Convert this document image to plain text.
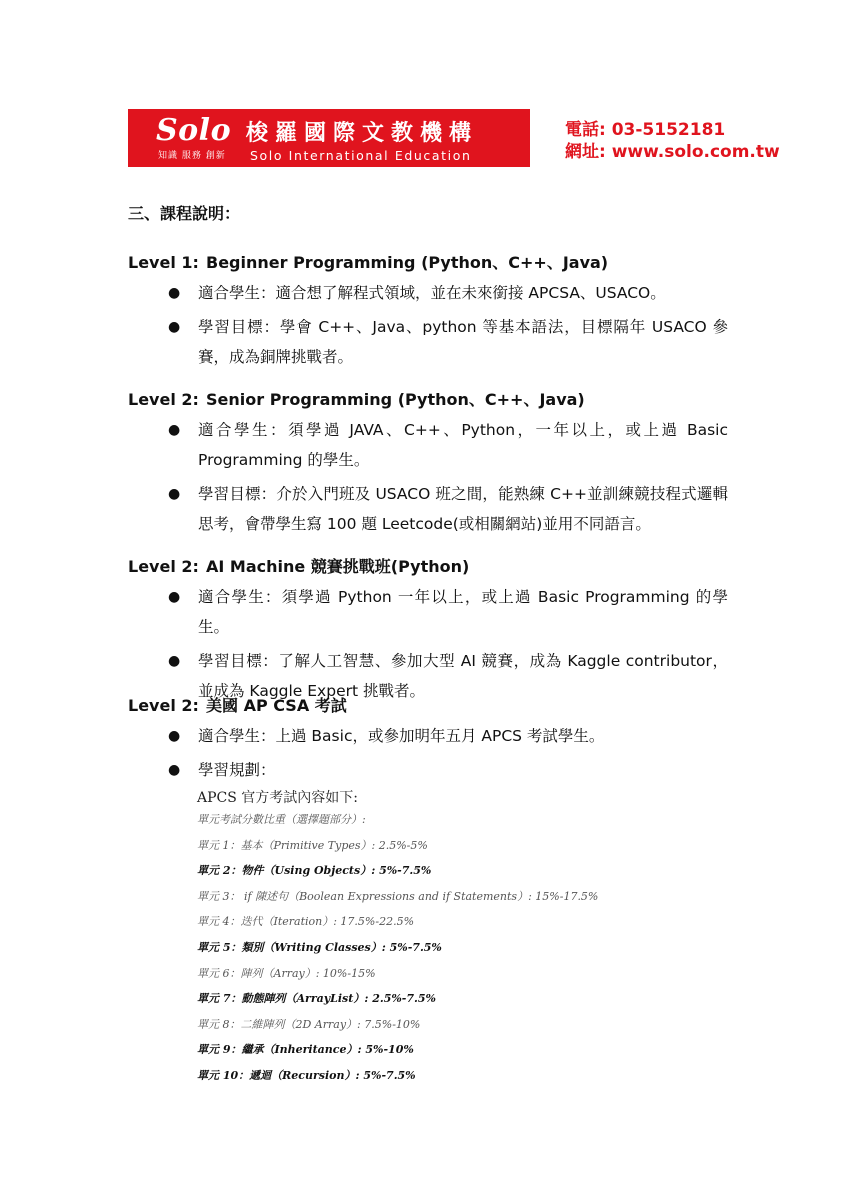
Solo
知識 服務 創新
梭羅國際文教機構
Solo International Education
電話: 03-5152181
網址: www.solo.com.tw
三、課程說明：
Level 1: Beginner Programming (Python、C++、Java)
● 適合學生：適合想了解程式領域，並在未來銜接 APCSA、USACO。
● 學習目標：學會 C++、Java、python 等基本語法，目標隔年 USACO 參賽，成為銅牌挑戰者。
Level 2: Senior Programming (Python、C++、Java)
● 適合學生：須學過 JAVA、C++、Python，一年以上，或上過 Basic Programming 的學生。
● 學習目標：介於入門班及 USACO 班之間，能熟練 C++並訓練競技程式邏輯思考，會帶學生寫 100 題 Leetcode(或相關網站)並用不同語言。
Level 2: AI Machine 競賽挑戰班(Python)
● 適合學生：須學過 Python 一年以上，或上過 Basic Programming 的學生。
● 學習目標：了解人工智慧、參加大型 AI 競賽，成為 Kaggle contributor，並成為 Kaggle Expert 挑戰者。
Level 2: 美國 AP CSA 考試
● 適合學生：上過 Basic，或參加明年五月 APCS 考試學生。
● 學習規劃：
APCS 官方考試內容如下:
單元考試分數比重（選擇題部分）:
單元 1：基本（Primitive Types）: 2.5%-5%
單元 2：物件（Using Objects）: 5%-7.5%
單元 3： if 陳述句（Boolean Expressions and if Statements）: 15%-17.5%
單元 4：迭代（Iteration）: 17.5%-22.5%
單元 5：類別（Writing Classes）: 5%-7.5%
單元 6：陣列（Array）: 10%-15%
單元 7：動態陣列（ArrayList）: 2.5%-7.5%
單元 8：二維陣列（2D Array）: 7.5%-10%
單元 9：繼承（Inheritance）: 5%-10%
單元 10：遞迴（Recursion）: 5%-7.5%
